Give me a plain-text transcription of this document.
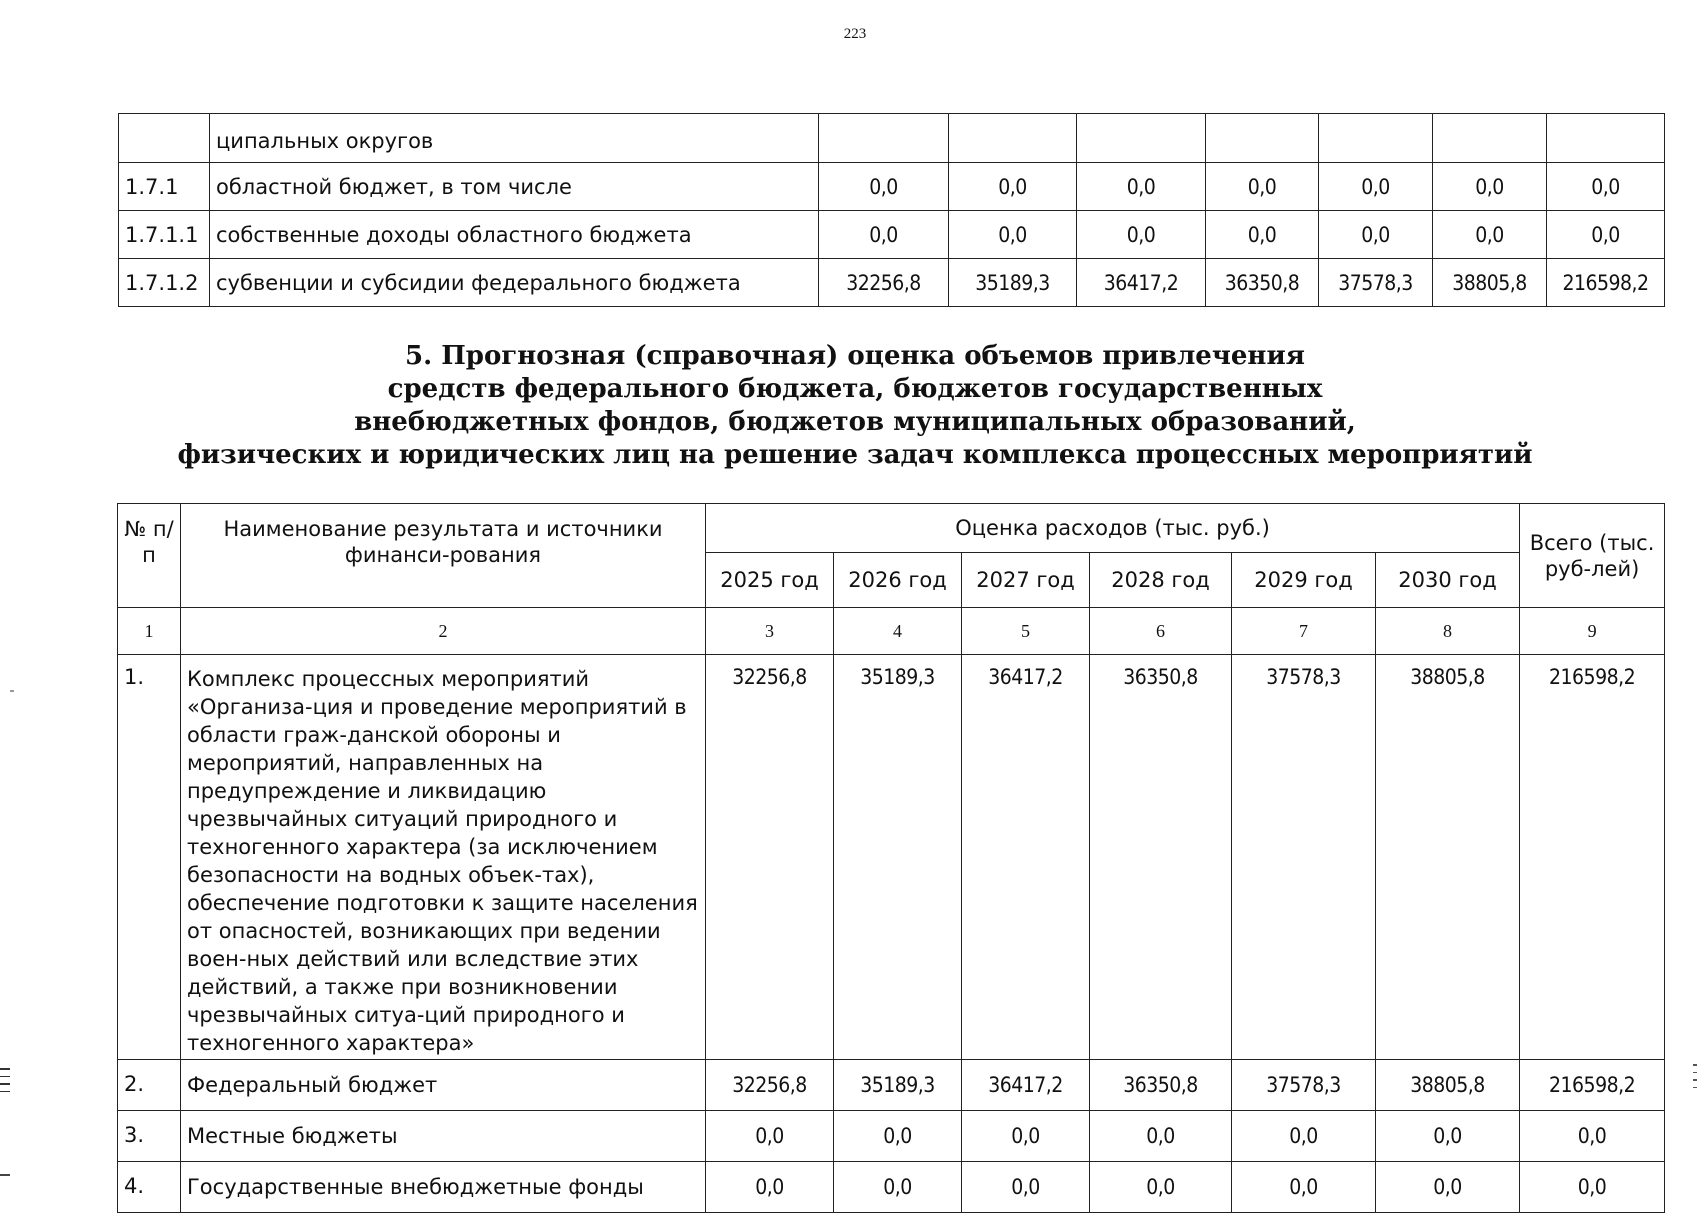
223
	ципальных округов							
1.7.1	областной бюджет, в том числе	0,0	0,0	0,0	0,0	0,0	0,0	0,0
1.7.1.1	собственные доходы областного бюджета	0,0	0,0	0,0	0,0	0,0	0,0	0,0
1.7.1.2	субвенции и субсидии федерального бюджета	32256,8	35189,3	36417,2	36350,8	37578,3	38805,8	216598,2
5. Прогнозная (справочная) оценка объемов привлечения
средств федерального бюджета, бюджетов государственных
внебюджетных фондов, бюджетов муниципальных образований,
физических и юридических лиц на решение задач комплекса процессных мероприятий
№ п/п	Наименование результата и источники финанси-рования	Оценка расходов (тыс. руб.)						Всего (тыс. руб-лей)
		2025 год	2026 год	2027 год	2028 год	2029 год	2030 год	
1	2	3	4	5	6	7	8	9
1.	Комплекс процессных мероприятий «Организа-ция и проведение мероприятий в области граж-данской обороны и мероприятий, направленных на предупреждение и ликвидацию чрезвычайных ситуаций природного и техногенного характера (за исключением безопасности на водных объек-тах), обеспечение подготовки к защите населения от опасностей, возникающих при ведении воен-ных действий или вследствие этих действий, а также при возникновении чрезвычайных ситуа-ций природного и техногенного характера»	32256,8	35189,3	36417,2	36350,8	37578,3	38805,8	216598,2
2.	Федеральный бюджет	32256,8	35189,3	36417,2	36350,8	37578,3	38805,8	216598,2
3.	Местные бюджеты	0,0	0,0	0,0	0,0	0,0	0,0	0,0
4.	Государственные внебюджетные фонды	0,0	0,0	0,0	0,0	0,0	0,0	0,0
